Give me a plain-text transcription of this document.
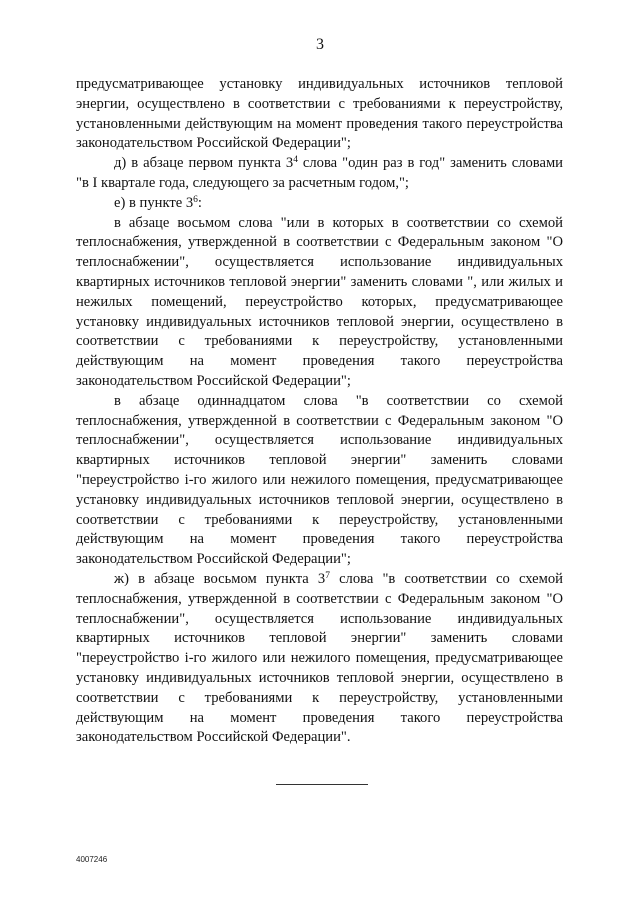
3

предусматривающее установку индивидуальных источников тепловой энергии, осуществлено в соответствии с требованиями к переустройству, установленными действующим на момент проведения такого переустройства законодательством Российской Федерации";

д) в абзаце первом пункта $3^4$ слова "один раз в год" заменить словами "в I квартале года, следующего за расчетным годом,";

е) в пункте $3^6$:

в абзаце восьмом слова "или в которых в соответствии со схемой теплоснабжения, утвержденной в соответствии с Федеральным законом "О теплоснабжении", осуществляется использование индивидуальных квартирных источников тепловой энергии" заменить словами ", или жилых и нежилых помещений, переустройство которых, предусматривающее установку индивидуальных источников тепловой энергии, осуществлено в соответствии с требованиями к переустройству, установленными действующим на момент проведения такого переустройства законодательством Российской Федерации";

в абзаце одиннадцатом слова "в соответствии со схемой теплоснабжения, утвержденной в соответствии с Федеральным законом "О теплоснабжении", осуществляется использование индивидуальных квартирных источников тепловой энергии" заменить словами "переустройство i-го жилого или нежилого помещения, предусматривающее установку индивидуальных источников тепловой энергии, осуществлено в соответствии с требованиями к переустройству, установленными действующим на момент проведения такого переустройства законодательством Российской Федерации";

ж) в абзаце восьмом пункта $3^7$ слова "в соответствии со схемой теплоснабжения, утвержденной в соответствии с Федеральным законом "О теплоснабжении", осуществляется использование индивидуальных квартирных источников тепловой энергии" заменить словами "переустройство i-го жилого или нежилого помещения, предусматривающее установку индивидуальных источников тепловой энергии, осуществлено в соответствии с требованиями к переустройству, установленными действующим на момент проведения такого переустройства законодательством Российской Федерации".

4007246
